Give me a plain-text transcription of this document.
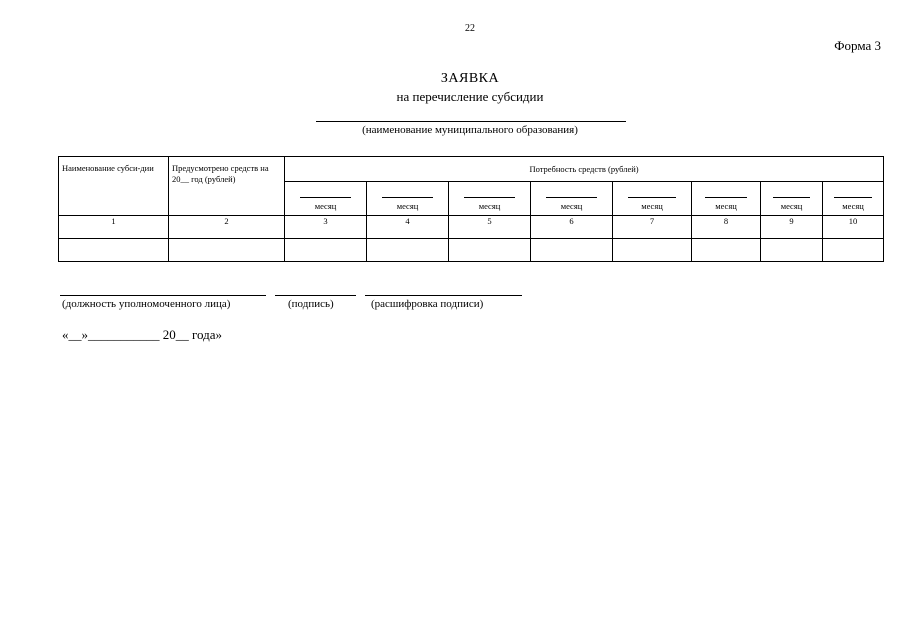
22
Форма 3
ЗАЯВКА
на перечисление субсидии
(наименование муниципального образования)
Наименование субси-дии	Предусмотрено средств на 20__ год (рублей)	Потребность средств (рублей)							

		месяц	месяц	месяц	месяц	месяц	месяц	месяц	месяц

1	2	3	4	5	6	7	8	9	10

(должность уполномоченного лица)	(подпись)	(расшифровка подписи)
«__»___________ 20__ года»
